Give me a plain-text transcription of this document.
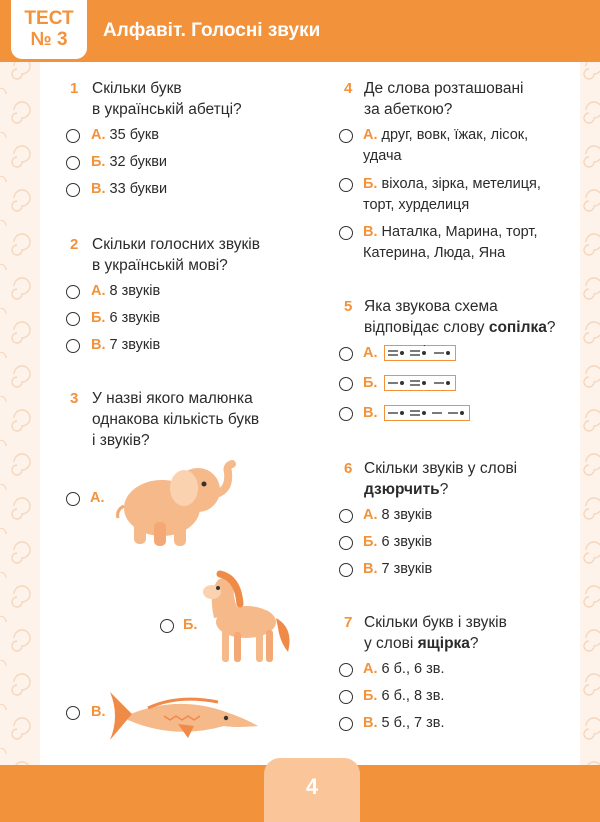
ТЕСТ
№ 3	Алфавіт. Голосні звуки
4
1 Скільки букв
в українській абетці?
А. 35 букв
Б. 32 букви
В. 33 букви
2 Скільки голосних звуків
в українській мові?
А. 8 звуків
Б. 6 звуків
В. 7 звуків
3 У назві якого малюнка
однакова кількість букв
і звуків?
А.
Б.
В.
4 Де слова розташовані
за абеткою?
А. друг, вовк, їжак, лісок,
удача
Б. віхола, зірка, метелиця,
торт, хурделиця
В. Наталка, Марина, торт,
Катерина, Люда, Яна
5 Яка звукова схема
відповідає слову сопілка?
А.
Б.
В.
6 Скільки звуків у слові
дзюрчить?
А. 8 звуків
Б. 6 звуків
В. 7 звуків
7 Скільки букв і звуків
у слові ящірка?
А. 6 б., 6 зв.
Б. 6 б., 8 зв.
В. 5 б., 7 зв.
